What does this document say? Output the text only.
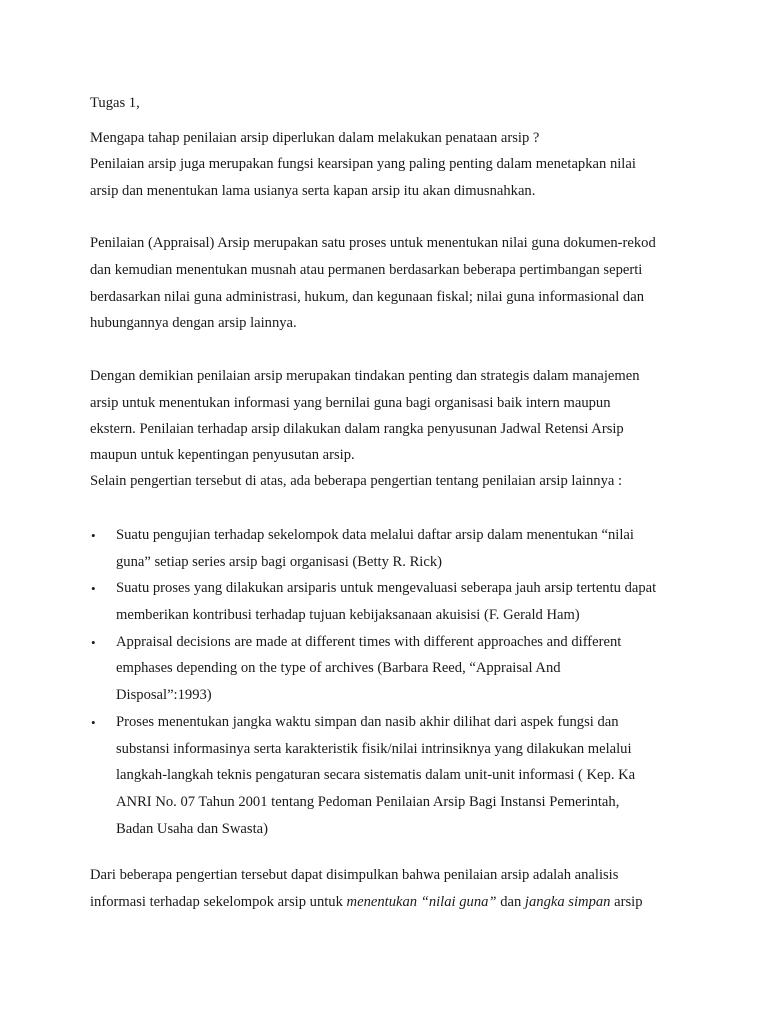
Tugas 1,
Mengapa tahap penilaian arsip diperlukan dalam melakukan penataan arsip ?
Penilaian arsip juga merupakan fungsi kearsipan yang paling penting dalam menetapkan nilai
arsip dan menentukan lama usianya serta kapan arsip itu akan dimusnahkan.
Penilaian (Appraisal) Arsip merupakan satu proses untuk menentukan nilai guna dokumen-rekod
dan kemudian menentukan musnah atau permanen berdasarkan beberapa pertimbangan seperti
berdasarkan nilai guna administrasi, hukum, dan kegunaan fiskal; nilai guna informasional dan
hubungannya dengan arsip lainnya.
Dengan demikian penilaian arsip merupakan tindakan penting dan strategis dalam manajemen
arsip untuk menentukan informasi yang bernilai guna bagi organisasi baik intern maupun
ekstern. Penilaian terhadap arsip dilakukan dalam rangka penyusunan Jadwal Retensi Arsip
maupun untuk kepentingan penyusutan arsip.
Selain pengertian tersebut di atas, ada beberapa pengertian tentang penilaian arsip lainnya :
• Suatu pengujian terhadap sekelompok data melalui daftar arsip dalam menentukan “nilai
guna” setiap series arsip bagi organisasi (Betty R. Rick)
• Suatu proses yang dilakukan arsiparis untuk mengevaluasi seberapa jauh arsip tertentu dapat
memberikan kontribusi terhadap tujuan kebijaksanaan akuisisi (F. Gerald Ham)
• Appraisal decisions are made at different times with different approaches and different
emphases depending on the type of archives (Barbara Reed, “Appraisal And
Disposal”:1993)
• Proses menentukan jangka waktu simpan dan nasib akhir dilihat dari aspek fungsi dan
substansi informasinya serta karakteristik fisik/nilai intrinsiknya yang dilakukan melalui
langkah-langkah teknis pengaturan secara sistematis dalam unit-unit informasi ( Kep. Ka
ANRI No. 07 Tahun 2001 tentang Pedoman Penilaian Arsip Bagi Instansi Pemerintah,
Badan Usaha dan Swasta)
Dari beberapa pengertian tersebut dapat disimpulkan bahwa penilaian arsip adalah analisis
informasi terhadap sekelompok arsip untuk menentukan “nilai guna” dan jangka simpan arsip
